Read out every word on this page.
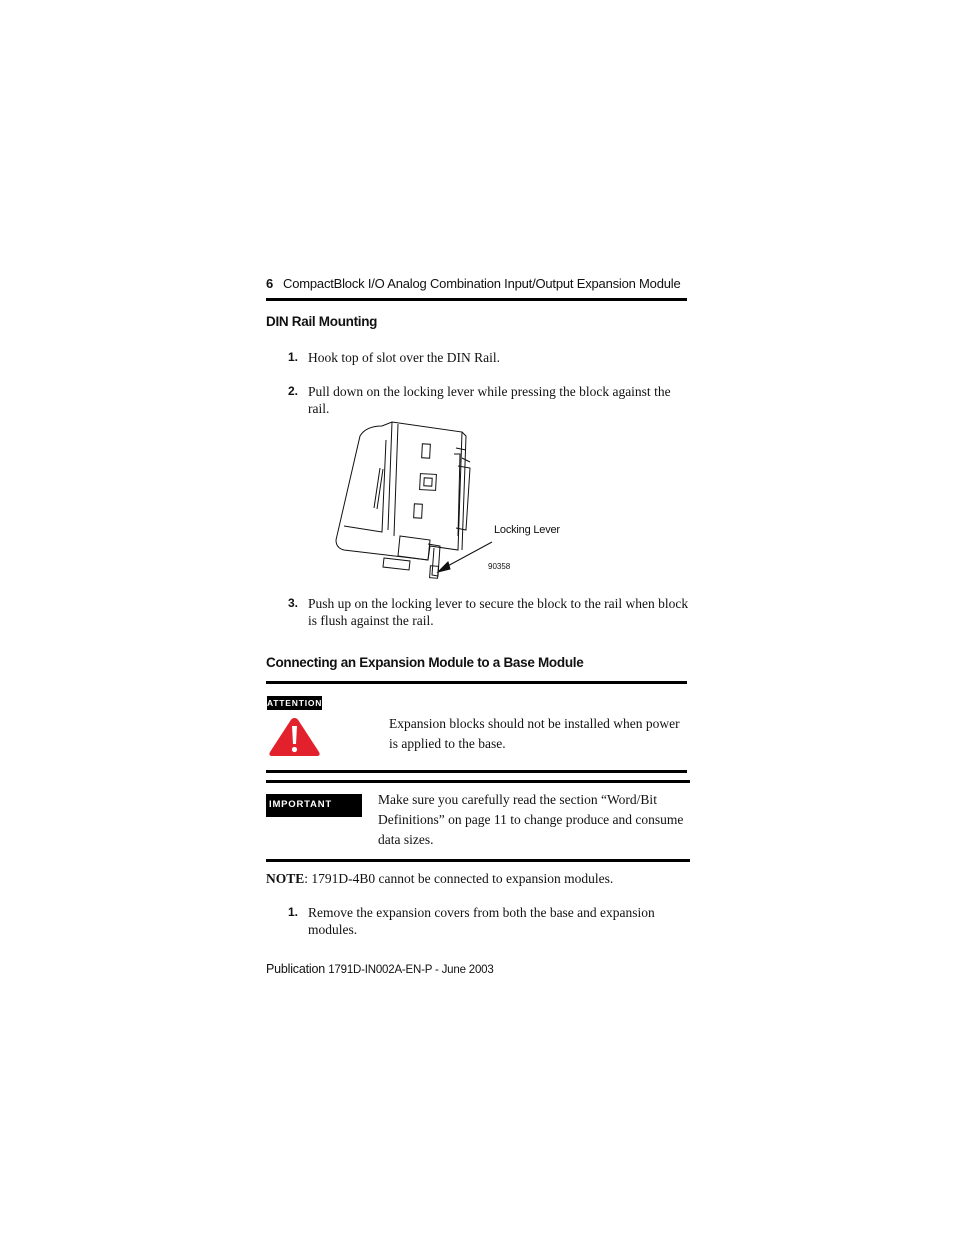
6 CompactBlock I/O Analog Combination Input/Output Expansion Module
DIN Rail Mounting
1. Hook top of slot over the DIN Rail.
2. Pull down on the locking lever while pressing the block against the
rail.
Locking Lever
90358
3. Push up on the locking lever to secure the block to the rail when block
is flush against the rail.
Connecting an Expansion Module to a Base Module
ATTENTION
Expansion blocks should not be installed when power
is applied to the base.
IMPORTANT	Make sure you carefully read the section “Word/Bit
Definitions” on page 11 to change produce and consume
data sizes.
NOTE: 1791D-4B0 cannot be connected to expansion modules.
1. Remove the expansion covers from both the base and expansion
modules.
Publication 1791D-IN002A-EN-P - June 2003
